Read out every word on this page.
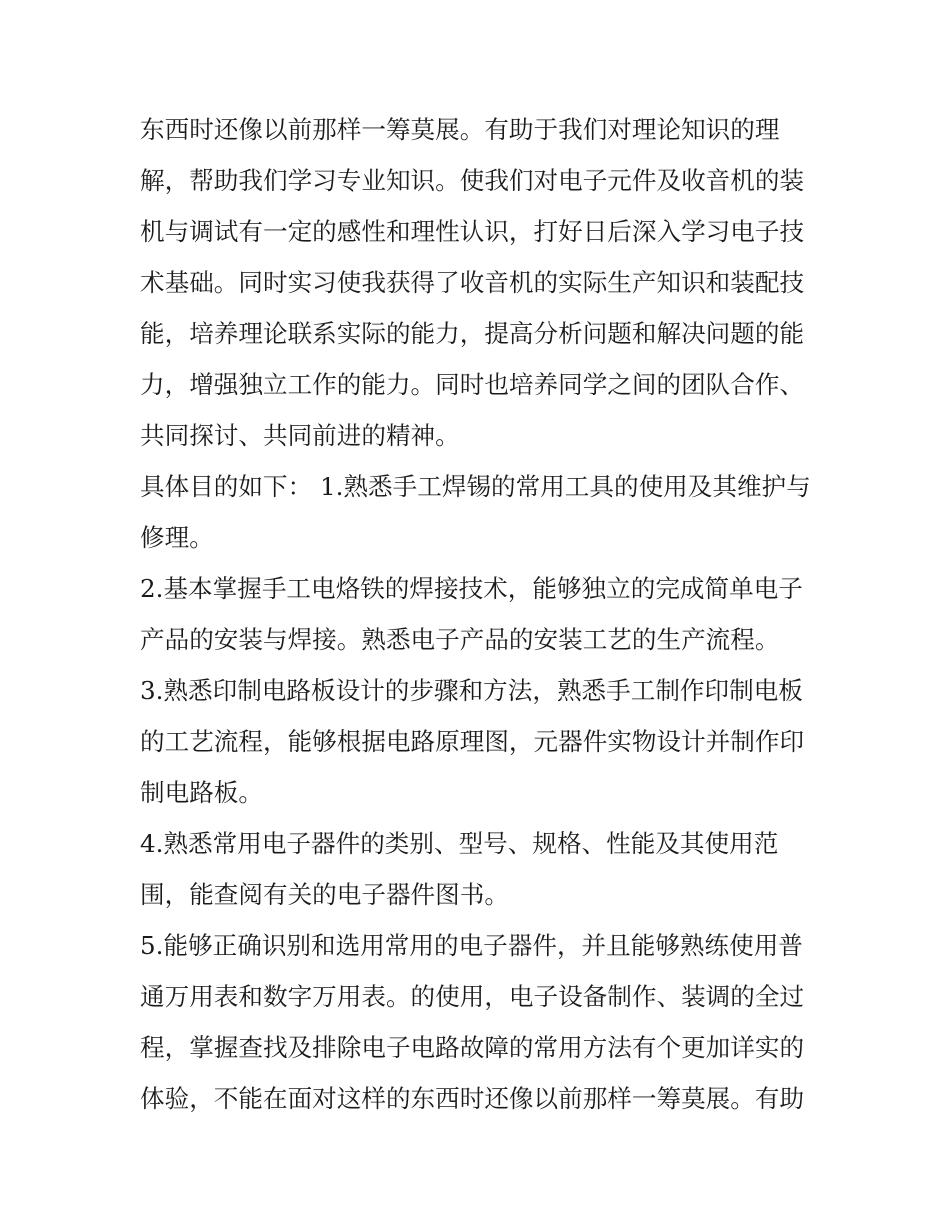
东西时还像以前那样一筹莫展。有助于我们对理论知识的理
解，帮助我们学习专业知识。使我们对电子元件及收音机的装
机与调试有一定的感性和理性认识，打好日后深入学习电子技
术基础。同时实习使我获得了收音机的实际生产知识和装配技
能，培养理论联系实际的能力，提高分析问题和解决问题的能
力，增强独立工作的能力。同时也培养同学之间的团队合作、
共同探讨、共同前进的精神。
具体目的如下： 1.熟悉手工焊锡的常用工具的使用及其维护与
修理。
2.基本掌握手工电烙铁的焊接技术，能够独立的完成简单电子
产品的安装与焊接。熟悉电子产品的安装工艺的生产流程。
3.熟悉印制电路板设计的步骤和方法，熟悉手工制作印制电板
的工艺流程，能够根据电路原理图，元器件实物设计并制作印
制电路板。
4.熟悉常用电子器件的类别、型号、规格、性能及其使用范
围，能查阅有关的电子器件图书。
5.能够正确识别和选用常用的电子器件，并且能够熟练使用普
通万用表和数字万用表。的使用，电子设备制作、装调的全过
程，掌握查找及排除电子电路故障的常用方法有个更加详实的
体验，不能在面对这样的东西时还像以前那样一筹莫展。有助
